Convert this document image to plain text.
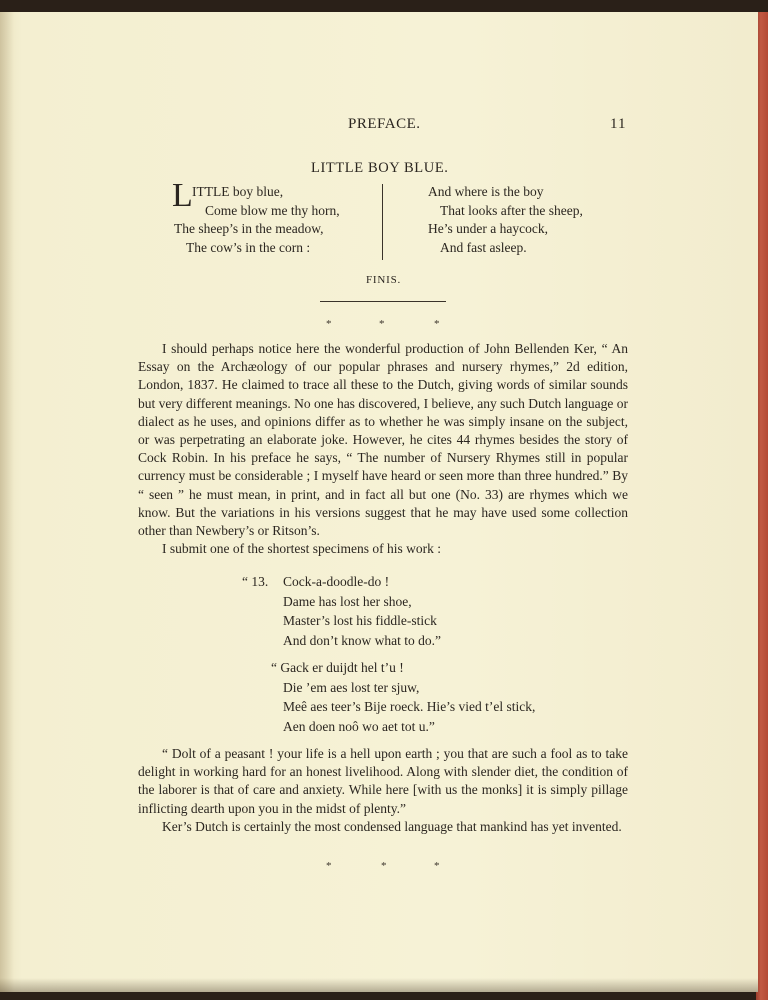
PREFACE.	11
LITTLE BOY BLUE.
L ITTLE boy blue,
Come blow me thy horn,
The sheep’s in the meadow,
The cow’s in the corn :
And where is the boy
That looks after the sheep,
He’s under a haycock,
And fast asleep.
FINIS.
*	*	*
I should perhaps notice here the wonderful production of John Bellenden Ker, “ An Essay on the Archæology of our popular phrases and nursery rhymes,” 2d edition, London, 1837. He claimed to trace all these to the Dutch, giving words of similar sounds but very different meanings. No one has discovered, I believe, any such Dutch language or dialect as he uses, and opinions differ as to whether he was simply insane on the subject, or was perpetrating an elaborate joke. However, he cites 44 rhymes besides the story of Cock Robin. In his preface he says, “ The number of Nursery Rhymes still in popular currency must be considerable ; I myself have heard or seen more than three hundred.” By “ seen ” he must mean, in print, and in fact all but one (No. 33) are rhymes which we know. But the variations in his versions suggest that he may have used some collection other than Newbery’s or Ritson’s.
I submit one of the shortest specimens of his work :
“ 13. Cock-a-doodle-do !
Dame has lost her shoe,
Master’s lost his fiddle-stick
And don’t know what to do.”
“ Gack er duijdt hel t’u !
Die ’em aes lost ter sjuw,
Meê aes teer’s Bije roeck. Hie’s vied t’el stick,
Aen doen noô wo aet tot u.”
“ Dolt of a peasant ! your life is a hell upon earth ; you that are such a fool as to take delight in working hard for an honest livelihood. Along with slender diet, the condition of the laborer is that of care and anxiety. While here [with us the monks] it is simply pillage inflicting dearth upon you in the midst of plenty.”
Ker’s Dutch is certainly the most condensed language that mankind has yet invented.
*	*	*
